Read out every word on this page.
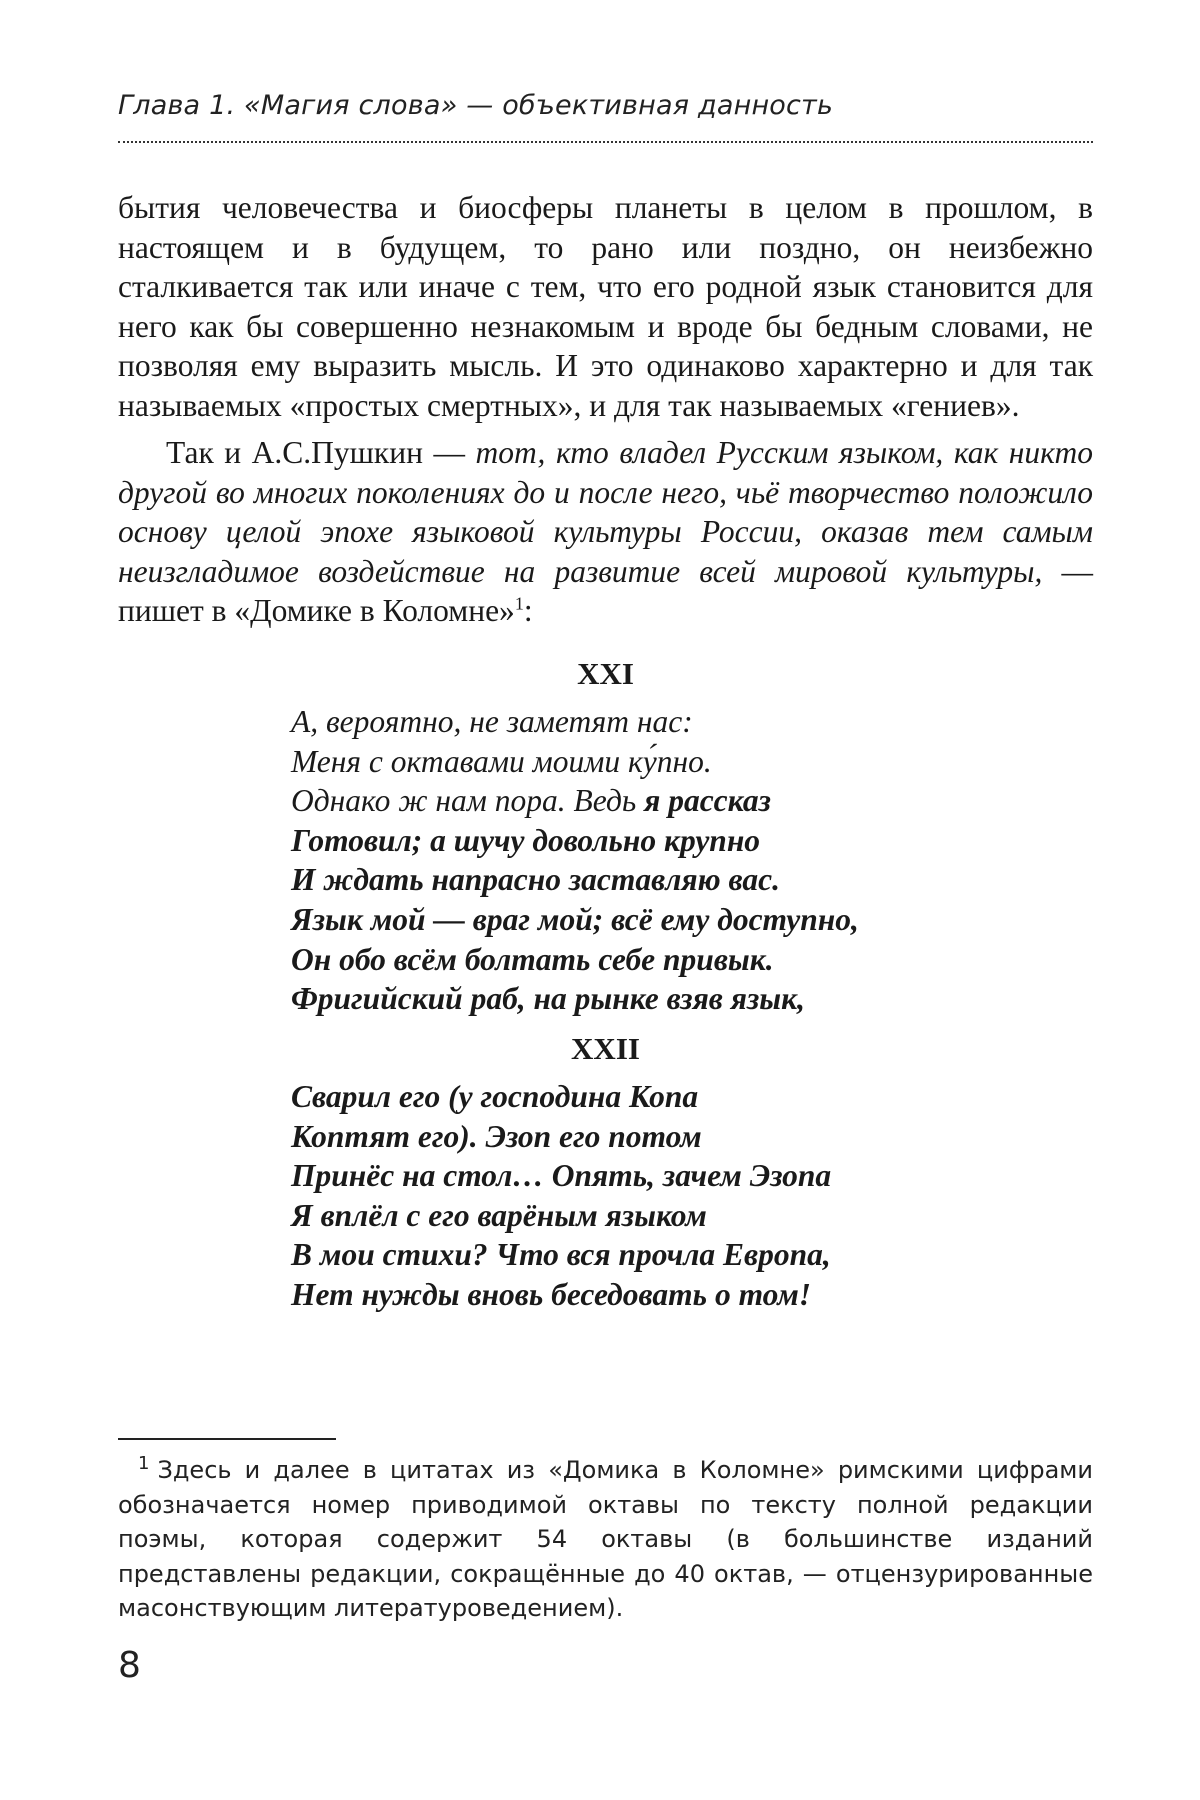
Глава 1. «Магия слова» — объективная данность

бытия человечества и биосферы планеты в целом в прошлом, в настоящем и в будущем, то рано или поздно, он неизбежно сталкивается так или иначе с тем, что его родной язык становится для него как бы совершенно незнакомым и вроде бы бедным словами, не позволяя ему выразить мысль. И это одинаково характерно и для так называемых «простых смертных», и для так называемых «гениев».

Так и А.С.Пушкин — тот, кто владел Русским языком, как никто другой во многих поколениях до и после него, чьё творчество положило основу целой эпохе языковой культуры России, оказав тем самым неизгладимое воздействие на развитие всей мировой культуры, — пишет в «Домике в Коломне»$^1$:

XXI
А, вероятно, не заметят нас:
Меня с октавами моими ку́пно.
Однако ж нам пора. Ведь я рассказ
Готовил; а шучу довольно крупно
И ждать напрасно заставляю вас.
Язык мой — враг мой; всё ему доступно,
Он обо всём болтать себе привык.
Фригийский раб, на рынке взяв язык,
XXII
Сварил его (у господина Копа
Коптят его). Эзоп его потом
Принёс на стол… Опять, зачем Эзопа
Я вплёл с его варёным языком
В мои стихи? Что вся прочла Европа,
Нет нужды вновь беседовать о том!
$^1$ Здесь и далее в цитатах из «Домика в Коломне» римскими цифрами обозначается номер приводимой октавы по тексту полной редакции поэмы, которая содержит 54 октавы (в большинстве изданий представлены редакции, сокращённые до 40 октав, — отцензурированные масонствующим литературоведением).
8
